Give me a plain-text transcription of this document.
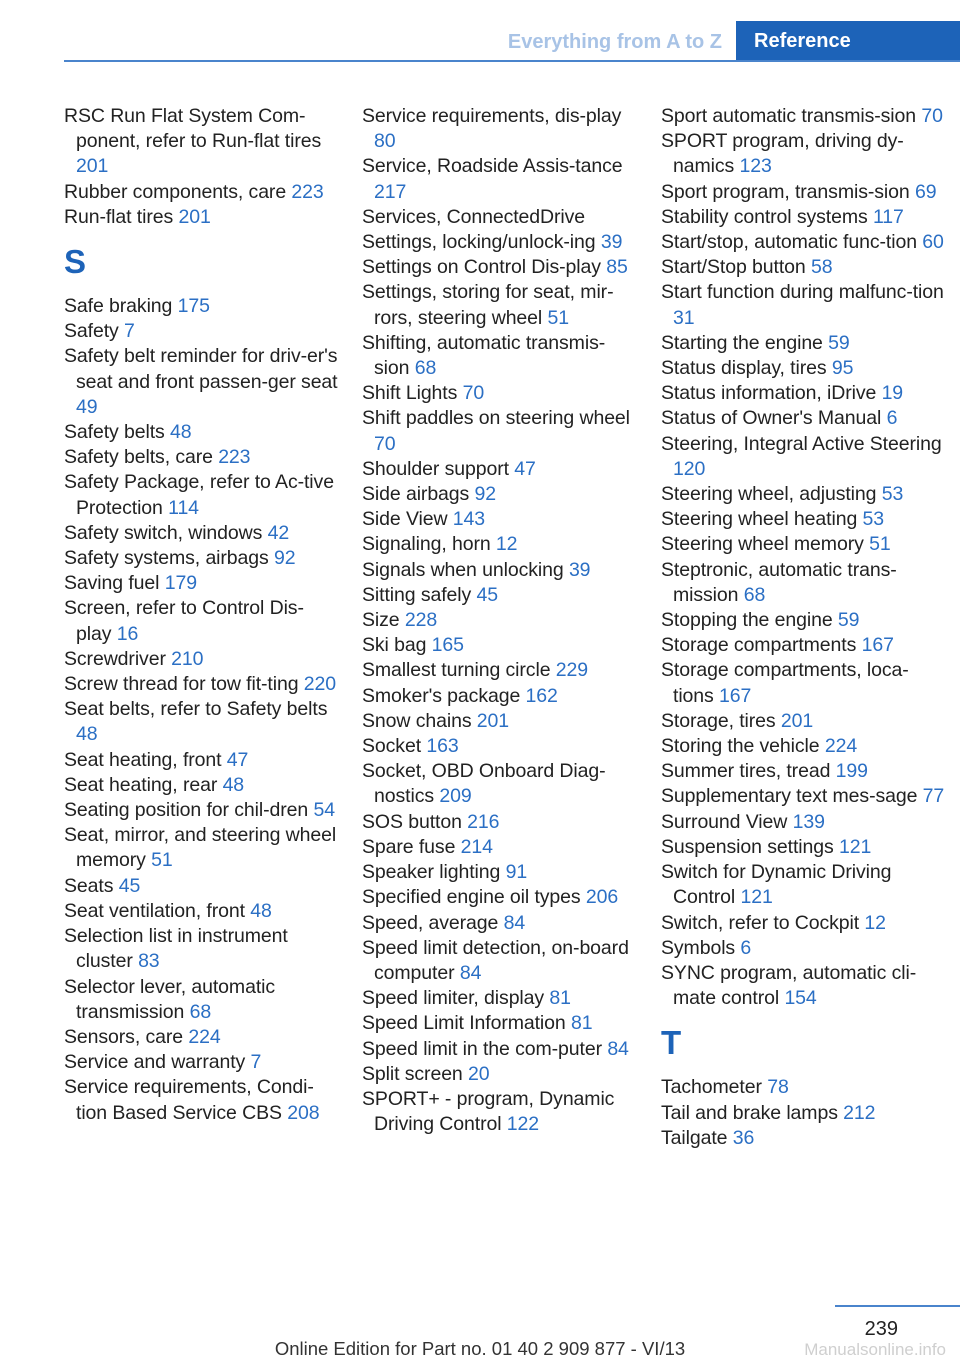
Everything from A to Z	Reference
RSC Run Flat System Com-ponent, refer to Run-flat tires 201
Rubber components, care 223
Run-flat tires 201
S
Safe braking 175
Safety 7
Safety belt reminder for driv-er's seat and front passen-ger seat 49
Safety belts 48
Safety belts, care 223
Safety Package, refer to Ac-tive Protection 114
Safety switch, windows 42
Safety systems, airbags 92
Saving fuel 179
Screen, refer to Control Dis-play 16
Screwdriver 210
Screw thread for tow fit-ting 220
Seat belts, refer to Safety belts 48
Seat heating, front 47
Seat heating, rear 48
Seating position for chil-dren 54
Seat, mirror, and steering wheel memory 51
Seats 45
Seat ventilation, front 48
Selection list in instrument cluster 83
Selector lever, automatic transmission 68
Sensors, care 224
Service and warranty 7
Service requirements, Condi-tion Based Service CBS 208
Service requirements, dis-play 80
Service, Roadside Assis-tance 217
Services, ConnectedDrive
Settings, locking/unlock-ing 39
Settings on Control Dis-play 85
Settings, storing for seat, mir-rors, steering wheel 51
Shifting, automatic transmis-sion 68
Shift Lights 70
Shift paddles on steering wheel 70
Shoulder support 47
Side airbags 92
Side View 143
Signaling, horn 12
Signals when unlocking 39
Sitting safely 45
Size 228
Ski bag 165
Smallest turning circle 229
Smoker's package 162
Snow chains 201
Socket 163
Socket, OBD Onboard Diag-nostics 209
SOS button 216
Spare fuse 214
Speaker lighting 91
Specified engine oil types 206
Speed, average 84
Speed limit detection, on-board computer 84
Speed limiter, display 81
Speed Limit Information 81
Speed limit in the com-puter 84
Split screen 20
SPORT+ - program, Dynamic Driving Control 122
Sport automatic transmis-sion 70
SPORT program, driving dy-namics 123
Sport program, transmis-sion 69
Stability control systems 117
Start/stop, automatic func-tion 60
Start/Stop button 58
Start function during malfunc-tion 31
Starting the engine 59
Status display, tires 95
Status information, iDrive 19
Status of Owner's Manual 6
Steering, Integral Active Steering 120
Steering wheel, adjusting 53
Steering wheel heating 53
Steering wheel memory 51
Steptronic, automatic trans-mission 68
Stopping the engine 59
Storage compartments 167
Storage compartments, loca-tions 167
Storage, tires 201
Storing the vehicle 224
Summer tires, tread 199
Supplementary text mes-sage 77
Surround View 139
Suspension settings 121
Switch for Dynamic Driving Control 121
Switch, refer to Cockpit 12
Symbols 6
SYNC program, automatic cli-mate control 154
T
Tachometer 78
Tail and brake lamps 212
Tailgate 36
239
Online Edition for Part no. 01 40 2 909 877 - VI/13	Manualsonline.info
